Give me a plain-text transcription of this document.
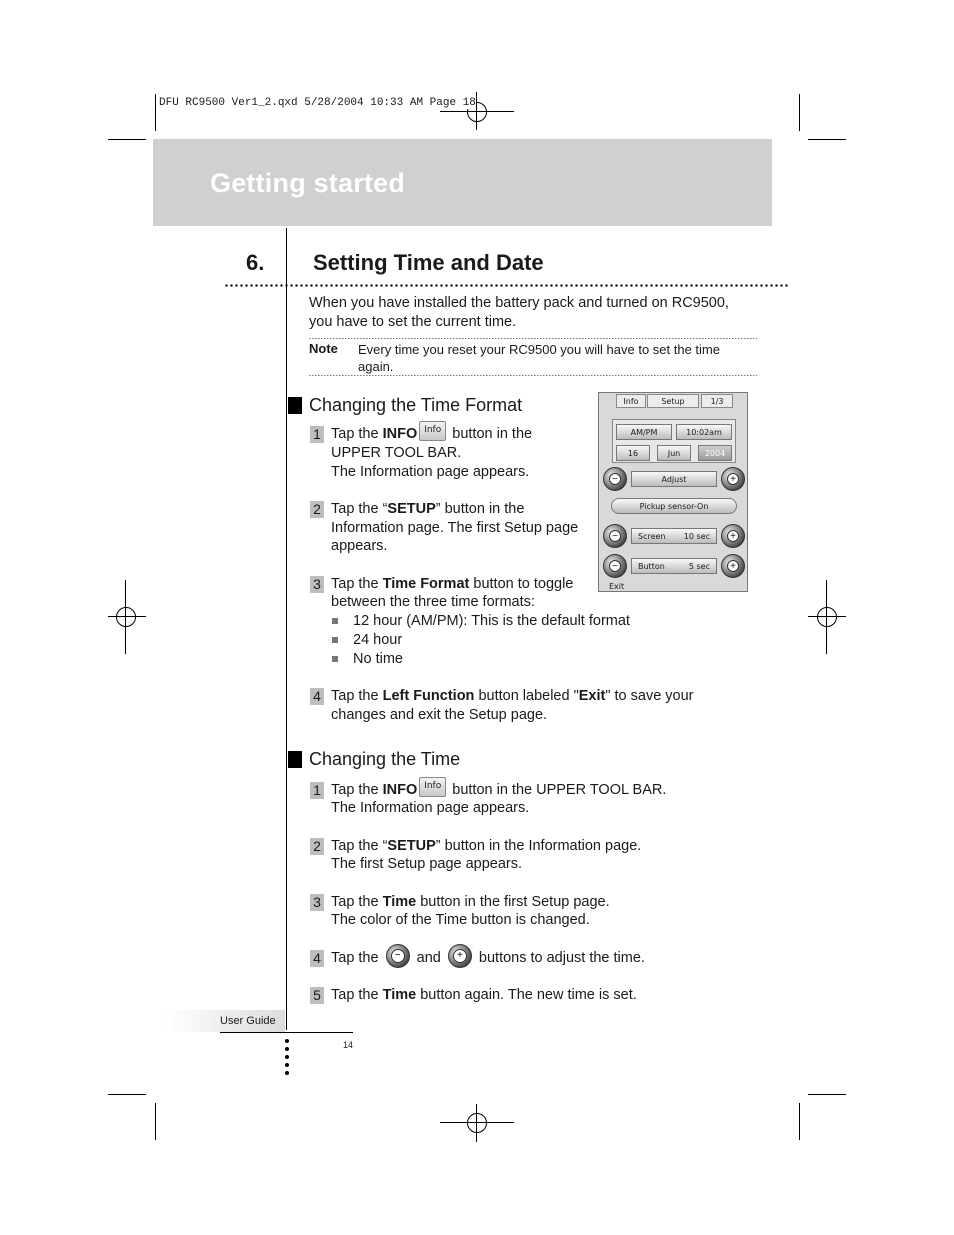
DFU RC9500 Ver1_2.qxd 5/28/2004 10:33 AM Page 18
Getting started
6. Setting Time and Date
When you have installed the battery pack and turned on RC9500,
you have to set the current time.
Note Every time you reset your RC9500 you will have to set the time
again.
Changing the Time Format
1 Tap the INFO Info button in the
UPPER TOOL BAR.
The Information page appears.
2 Tap the “SETUP” button in the
Information page. The first Setup page
appears.
3 Tap the Time Format button to toggle
between the three time formats:
12 hour (AM/PM): This is the default format
24 hour
No time
4 Tap the Left Function button labeled "Exit" to save your
changes and exit the Setup page.
Info	Setup	1/3
AM/PM	10:02am
16	Jun	2004
−	Adjust	+
Pickup sensor-On
−	Screen 10 sec	+
−	Button	5 sec	+
Exit
Changing the Time
1 Tap the INFO Info button in the UPPER TOOL BAR.
The Information page appears.
2 Tap the “SETUP” button in the Information page.
The first Setup page appears.
3 Tap the Time button in the first Setup page.
The color of the Time button is changed.
4 Tap the	− and	+ buttons to adjust the time.
5 Tap the Time button again. The new time is set.
User Guide
14
